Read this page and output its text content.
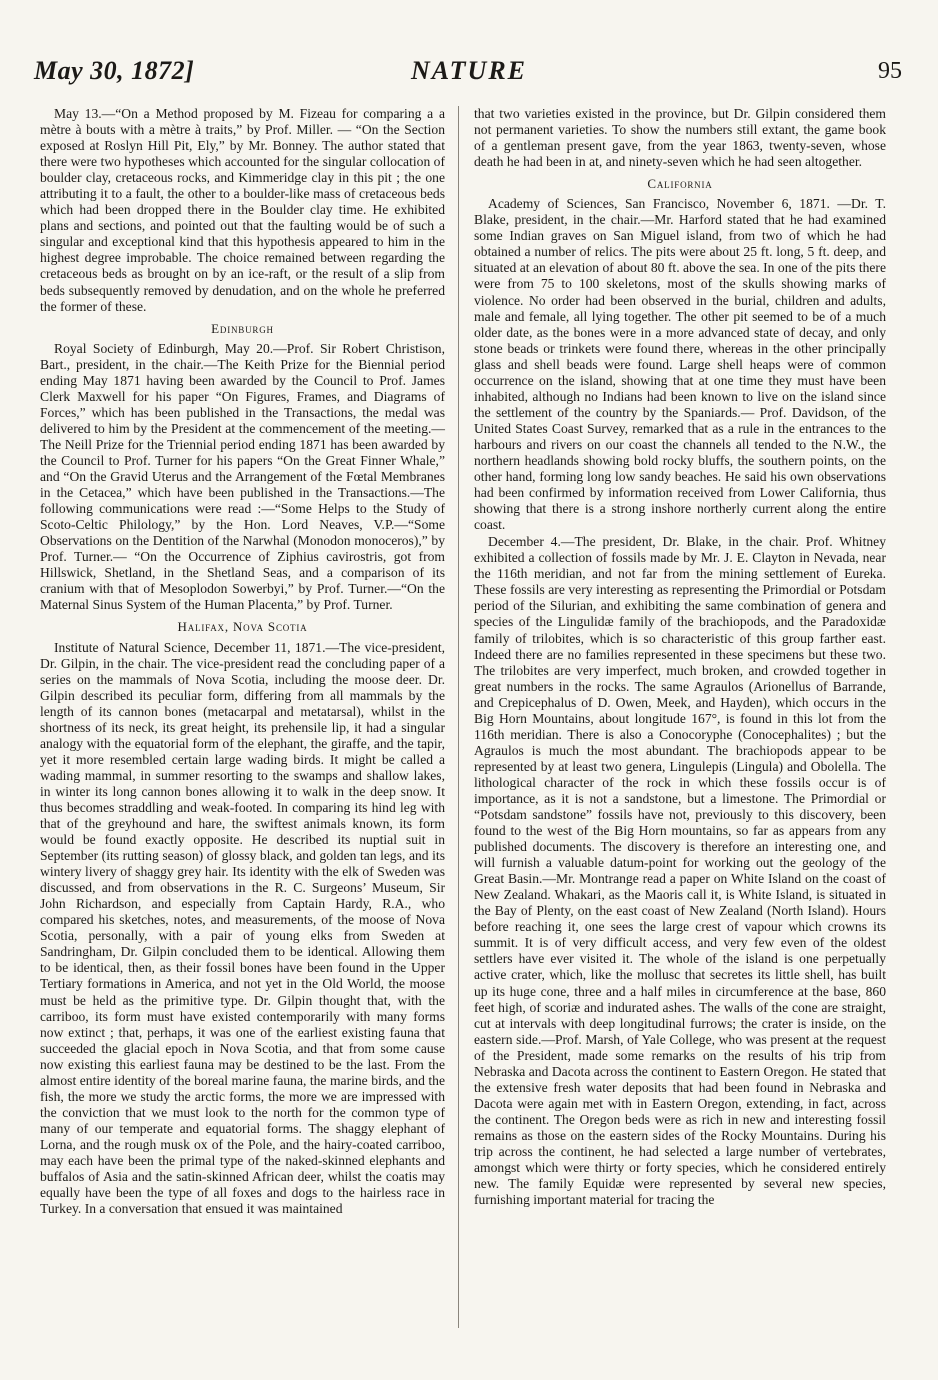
May 30, 1872]	NATURE	95

May 13.—“On a Method proposed by M. Fizeau for comparing a a mètre à bouts with a mètre à traits,” by Prof. Miller. — “On the Section exposed at Roslyn Hill Pit, Ely,” by Mr. Bonney. The author stated that there were two hypotheses which accounted for the singular collocation of boulder clay, cretaceous rocks, and Kimmeridge clay in this pit ; the one attributing it to a fault, the other to a boulder-like mass of cretaceous beds which had been dropped there in the Boulder clay time. He exhibited plans and sections, and pointed out that the faulting would be of such a singular and exceptional kind that this hypothesis appeared to him in the highest degree improbable. The choice remained between regarding the cretaceous beds as brought on by an ice-raft, or the result of a slip from beds subsequently removed by denudation, and on the whole he preferred the former of these.

Edinburgh

Royal Society of Edinburgh, May 20.—Prof. Sir Robert Christison, Bart., president, in the chair.—The Keith Prize for the Biennial period ending May 1871 having been awarded by the Council to Prof. James Clerk Maxwell for his paper “On Figures, Frames, and Diagrams of Forces,” which has been published in the Transactions, the medal was delivered to him by the President at the commencement of the meeting.—The Neill Prize for the Triennial period ending 1871 has been awarded by the Council to Prof. Turner for his papers “On the Great Finner Whale,” and “On the Gravid Uterus and the Arrangement of the Fœtal Membranes in the Cetacea,” which have been published in the Transactions.—The following communications were read :—“Some Helps to the Study of Scoto-Celtic Philology,” by the Hon. Lord Neaves, V.P.—“Some Observations on the Dentition of the Narwhal (Monodon monoceros),” by Prof. Turner.— “On the Occurrence of Ziphius cavirostris, got from Hillswick, Shetland, in the Shetland Seas, and a comparison of its cranium with that of Mesoplodon Sowerbyi,” by Prof. Turner.—“On the Maternal Sinus System of the Human Placenta,” by Prof. Turner.

Halifax, Nova Scotia

Institute of Natural Science, December 11, 1871.—The vice-president, Dr. Gilpin, in the chair. The vice-president read the concluding paper of a series on the mammals of Nova Scotia, including the moose deer. Dr. Gilpin described its peculiar form, differing from all mammals by the length of its cannon bones (metacarpal and metatarsal), whilst in the shortness of its neck, its great height, its prehensile lip, it had a singular analogy with the equatorial form of the elephant, the giraffe, and the tapir, yet it more resembled certain large wading birds. It might be called a wading mammal, in summer resorting to the swamps and shallow lakes, in winter its long cannon bones allowing it to walk in the deep snow. It thus becomes straddling and weak-footed. In comparing its hind leg with that of the greyhound and hare, the swiftest animals known, its form would be found exactly opposite. He described its nuptial suit in September (its rutting season) of glossy black, and golden tan legs, and its wintery livery of shaggy grey hair. Its identity with the elk of Sweden was discussed, and from observations in the R. C. Surgeons’ Museum, Sir John Richardson, and especially from Captain Hardy, R.A., who compared his sketches, notes, and measurements, of the moose of Nova Scotia, personally, with a pair of young elks from Sweden at Sandringham, Dr. Gilpin concluded them to be identical. Allowing them to be identical, then, as their fossil bones have been found in the Upper Tertiary formations in America, and not yet in the Old World, the moose must be held as the primitive type. Dr. Gilpin thought that, with the carriboo, its form must have existed contemporarily with many forms now extinct ; that, perhaps, it was one of the earliest existing fauna that succeeded the glacial epoch in Nova Scotia, and that from some cause now existing this earliest fauna may be destined to be the last. From the almost entire identity of the boreal marine fauna, the marine birds, and the fish, the more we study the arctic forms, the more we are impressed with the conviction that we must look to the north for the common type of many of our temperate and equatorial forms. The shaggy elephant of Lorna, and the rough musk ox of the Pole, and the hairy-coated carriboo, may each have been the primal type of the naked-skinned elephants and buffalos of Asia and the satin-skinned African deer, whilst the coatis may equally have been the type of all foxes and dogs to the hairless race in Turkey. In a conversation that ensued it was maintained

that two varieties existed in the province, but Dr. Gilpin considered them not permanent varieties. To show the numbers still extant, the game book of a gentleman present gave, from the year 1863, twenty-seven, whose death he had been in at, and ninety-seven which he had seen altogether.

California

Academy of Sciences, San Francisco, November 6, 1871. —Dr. T. Blake, president, in the chair.—Mr. Harford stated that he had examined some Indian graves on San Miguel island, from two of which he had obtained a number of relics. The pits were about 25 ft. long, 5 ft. deep, and situated at an elevation of about 80 ft. above the sea. In one of the pits there were from 75 to 100 skeletons, most of the skulls showing marks of violence. No order had been observed in the burial, children and adults, male and female, all lying together. The other pit seemed to be of a much older date, as the bones were in a more advanced state of decay, and only stone beads or trinkets were found there, whereas in the other principally glass and shell beads were found. Large shell heaps were of common occurrence on the island, showing that at one time they must have been inhabited, although no Indians had been known to live on the island since the settlement of the country by the Spaniards.— Prof. Davidson, of the United States Coast Survey, remarked that as a rule in the entrances to the harbours and rivers on our coast the channels all tended to the N.W., the northern headlands showing bold rocky bluffs, the southern points, on the other hand, forming long low sandy beaches. He said his own observations had been confirmed by information received from Lower California, thus showing that there is a strong inshore northerly current along the entire coast.

December 4.—The president, Dr. Blake, in the chair. Prof. Whitney exhibited a collection of fossils made by Mr. J. E. Clayton in Nevada, near the 116th meridian, and not far from the mining settlement of Eureka. These fossils are very interesting as representing the Primordial or Potsdam period of the Silurian, and exhibiting the same combination of genera and species of the Lingulidæ family of the brachiopods, and the Paradoxidæ family of trilobites, which is so characteristic of this group farther east. Indeed there are no families represented in these specimens but these two. The trilobites are very imperfect, much broken, and crowded together in great numbers in the rocks. The same Agraulos (Arionellus of Barrande, and Crepicephalus of D. Owen, Meek, and Hayden), which occurs in the Big Horn Mountains, about longitude 167°, is found in this lot from the 116th meridian. There is also a Conocoryphe (Conocephalites) ; but the Agraulos is much the most abundant. The brachiopods appear to be represented by at least two genera, Lingulepis (Lingula) and Obolella. The lithological character of the rock in which these fossils occur is of importance, as it is not a sandstone, but a limestone. The Primordial or “Potsdam sandstone” fossils have not, previously to this discovery, been found to the west of the Big Horn mountains, so far as appears from any published documents. The discovery is therefore an interesting one, and will furnish a valuable datum-point for working out the geology of the Great Basin.—Mr. Montrange read a paper on White Island on the coast of New Zealand. Whakari, as the Maoris call it, is White Island, is situated in the Bay of Plenty, on the east coast of New Zealand (North Island). Hours before reaching it, one sees the large crest of vapour which crowns its summit. It is of very difficult access, and very few even of the oldest settlers have ever visited it. The whole of the island is one perpetually active crater, which, like the mollusc that secretes its little shell, has built up its huge cone, three and a half miles in circumference at the base, 860 feet high, of scoriæ and indurated ashes. The walls of the cone are straight, cut at intervals with deep longitudinal furrows; the crater is inside, on the eastern side.—Prof. Marsh, of Yale College, who was present at the request of the President, made some remarks on the results of his trip from Nebraska and Dacota across the continent to Eastern Oregon. He stated that the extensive fresh water deposits that had been found in Nebraska and Dacota were again met with in Eastern Oregon, extending, in fact, across the continent. The Oregon beds were as rich in new and interesting fossil remains as those on the eastern sides of the Rocky Mountains. During his trip across the continent, he had selected a large number of vertebrates, amongst which were thirty or forty species, which he considered entirely new. The family Equidæ were represented by several new species, furnishing important material for tracing the
